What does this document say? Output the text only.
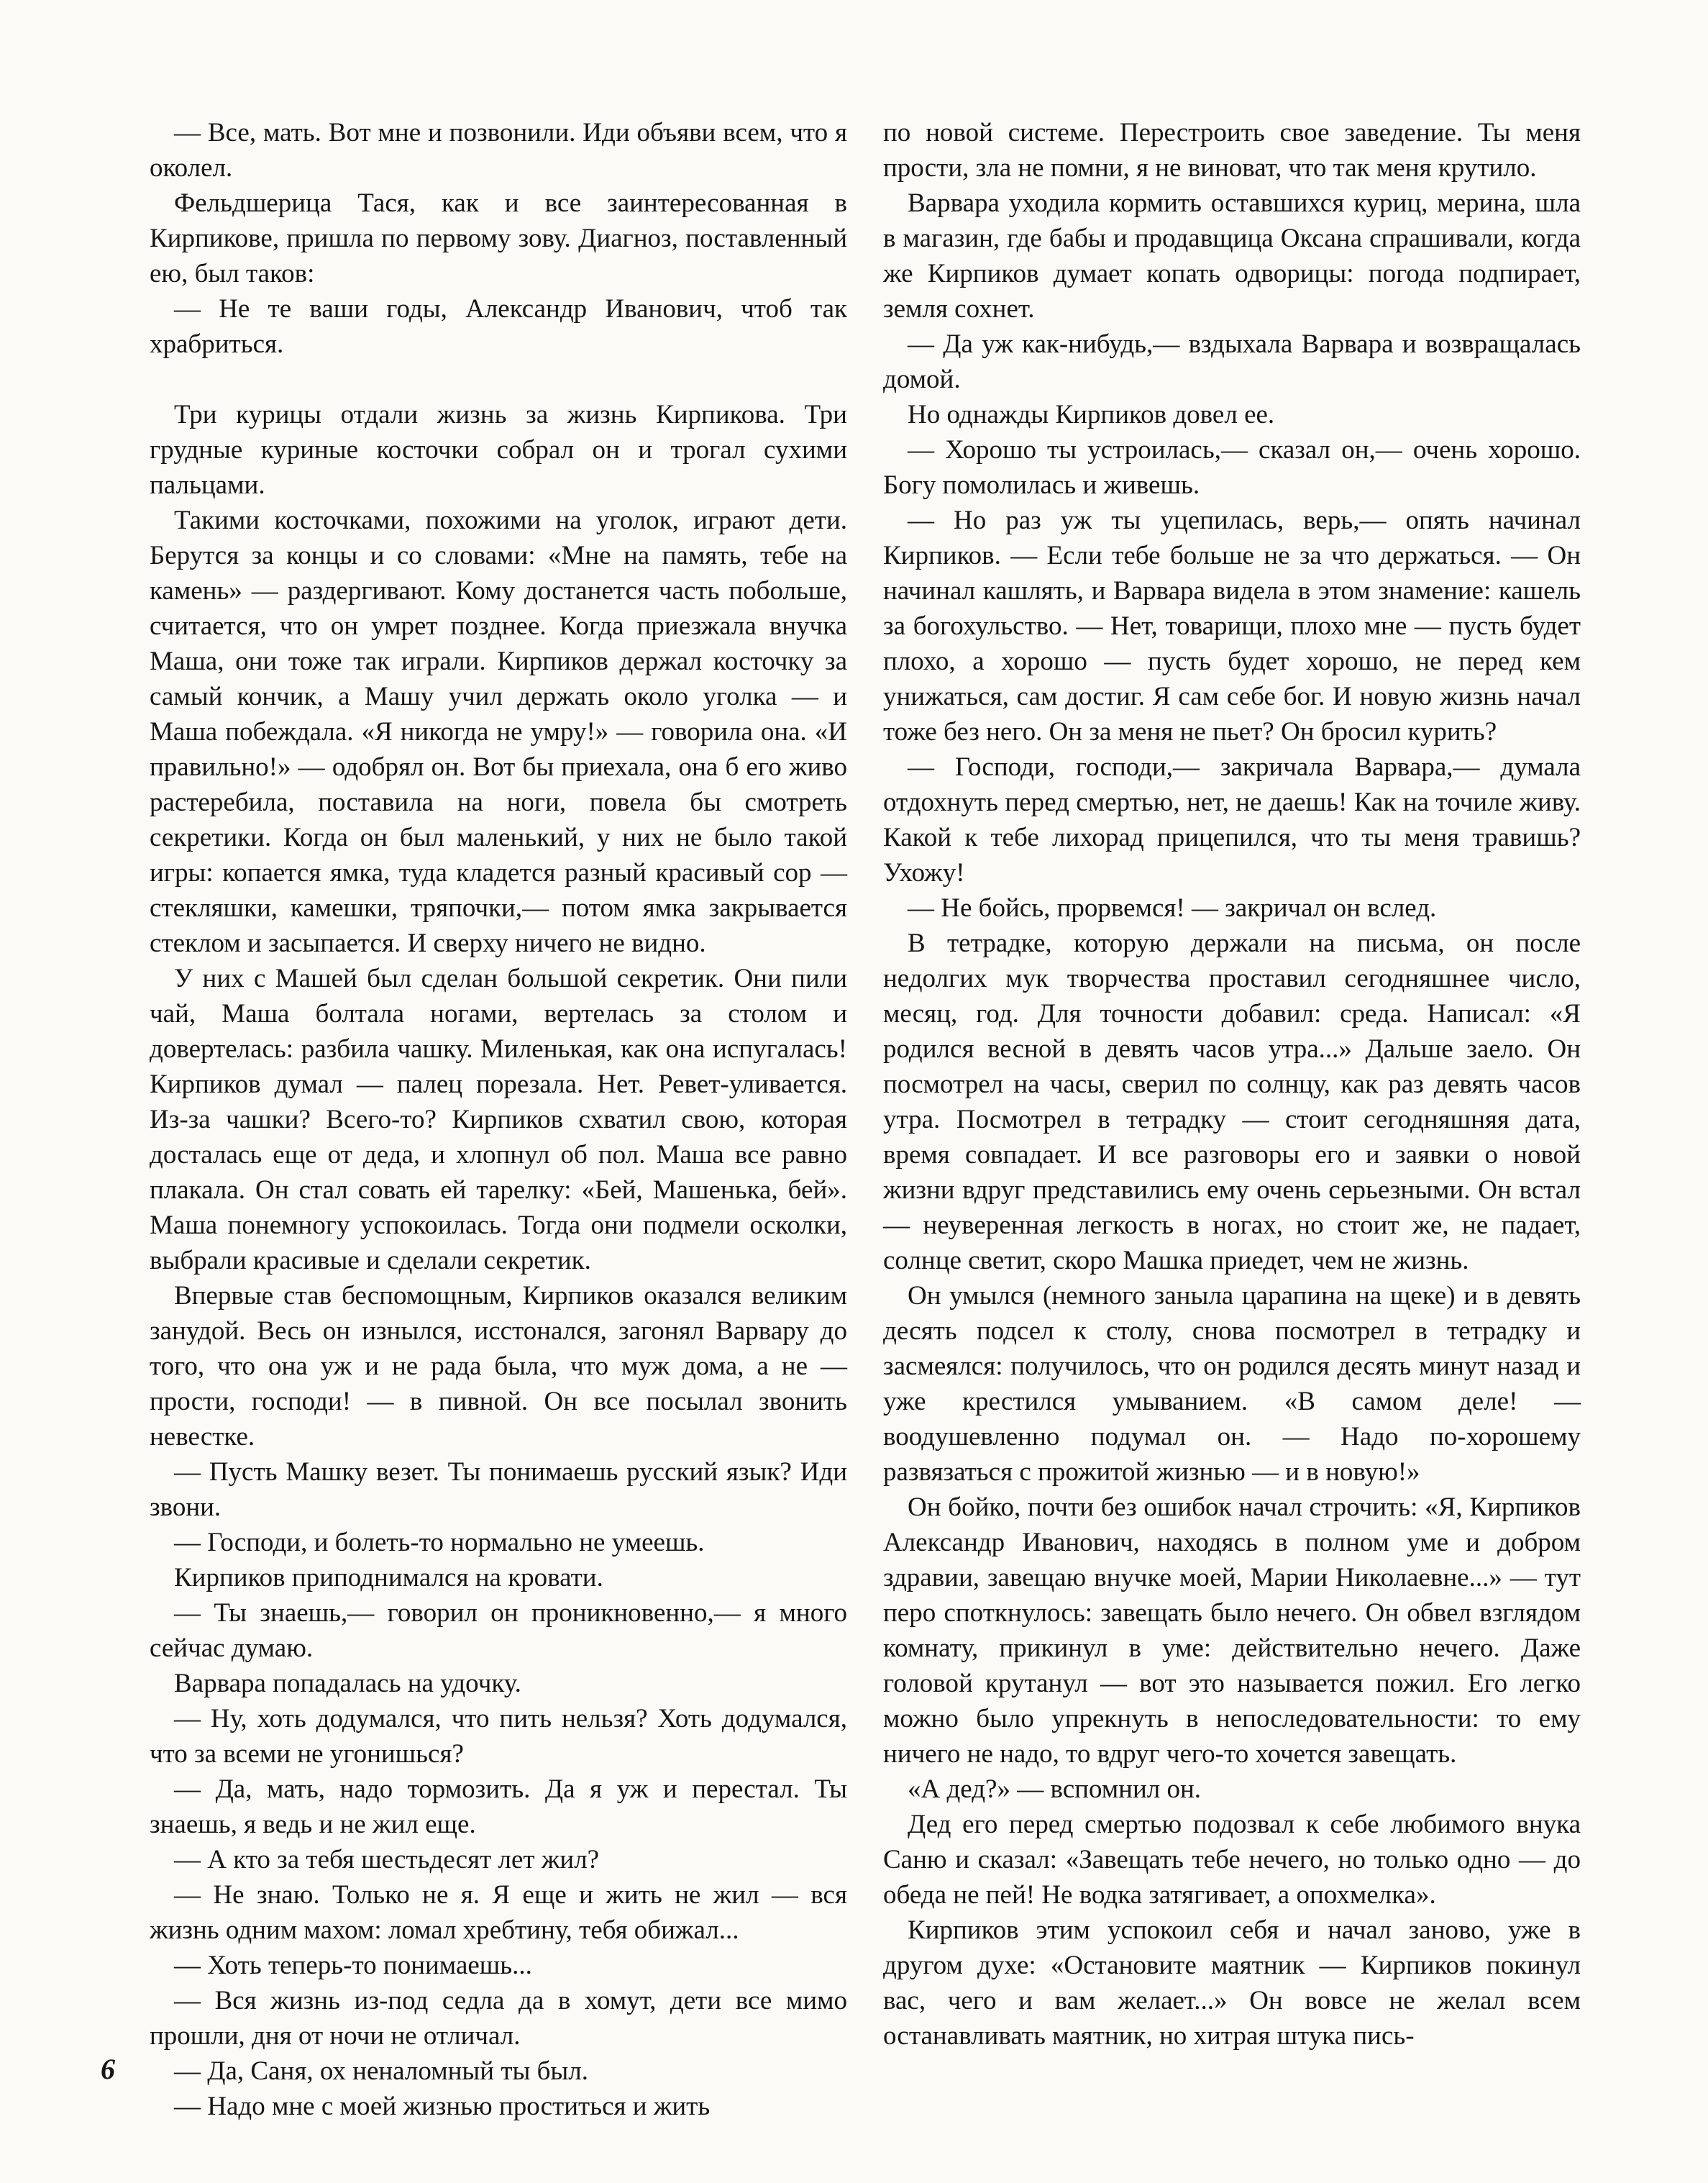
— Все, мать. Вот мне и позвонили. Иди объяви всем, что я околел.

Фельдшерица Тася, как и все заинтересованная в Кирпикове, пришла по первому зову. Диагноз, поставленный ею, был таков:

— Не те ваши годы, Александр Иванович, чтоб так храбриться.

Три курицы отдали жизнь за жизнь Кирпикова. Три грудные куриные косточки собрал он и трогал сухими пальцами.

Такими косточками, похожими на уголок, играют дети. Берутся за концы и со словами: «Мне на память, тебе на камень» — раздергивают. Кому достанется часть побольше, считается, что он умрет позднее. Когда приезжала внучка Маша, они тоже так играли. Кирпиков держал косточку за самый кончик, а Машу учил держать около уголка — и Маша побеждала. «Я никогда не умру!» — говорила она. «И правильно!» — одобрял он. Вот бы приехала, она б его живо растеребила, поставила на ноги, повела бы смотреть секретики. Когда он был маленький, у них не было такой игры: копается ямка, туда кладется разный красивый сор — стекляшки, камешки, тряпочки,— потом ямка закрывается стеклом и засыпается. И сверху ничего не видно.

У них с Машей был сделан большой секретик. Они пили чай, Маша болтала ногами, вертелась за столом и довертелась: разбила чашку. Миленькая, как она испугалась! Кирпиков думал — палец порезала. Нет. Ревет-уливается. Из-за чашки? Всего-то? Кирпиков схватил свою, которая досталась еще от деда, и хлопнул об пол. Маша все равно плакала. Он стал совать ей тарелку: «Бей, Машенька, бей». Маша понемногу успокоилась. Тогда они подмели осколки, выбрали красивые и сделали секретик.

Впервые став беспомощным, Кирпиков оказался великим занудой. Весь он изнылся, исстонался, загонял Варвару до того, что она уж и не рада была, что муж дома, а не — прости, господи! — в пивной. Он все посылал звонить невестке.

— Пусть Машку везет. Ты понимаешь русский язык? Иди звони.

— Господи, и болеть-то нормально не умеешь.

Кирпиков приподнимался на кровати.

— Ты знаешь,— говорил он проникновенно,— я много сейчас думаю.

Варвара попадалась на удочку.

— Ну, хоть додумался, что пить нельзя? Хоть додумался, что за всеми не угонишься?

— Да, мать, надо тормозить. Да я уж и перестал. Ты знаешь, я ведь и не жил еще.

— А кто за тебя шестьдесят лет жил?

— Не знаю. Только не я. Я еще и жить не жил — вся жизнь одним махом: ломал хребтину, тебя обижал...

— Хоть теперь-то понимаешь...

— Вся жизнь из-под седла да в хомут, дети все мимо прошли, дня от ночи не отличал.

— Да, Саня, ох неналомный ты был.

— Надо мне с моей жизнью проститься и жить

по новой системе. Перестроить свое заведение. Ты меня прости, зла не помни, я не виноват, что так меня крутило.

Варвара уходила кормить оставшихся куриц, мерина, шла в магазин, где бабы и продавщица Оксана спрашивали, когда же Кирпиков думает копать одворицы: погода подпирает, земля сохнет.

— Да уж как-нибудь,— вздыхала Варвара и возвращалась домой.

Но однажды Кирпиков довел ее.

— Хорошо ты устроилась,— сказал он,— очень хорошо. Богу помолилась и живешь.

— Но раз уж ты уцепилась, верь,— опять начинал Кирпиков. — Если тебе больше не за что держаться. — Он начинал кашлять, и Варвара видела в этом знамение: кашель за богохульство. — Нет, товарищи, плохо мне — пусть будет плохо, а хорошо — пусть будет хорошо, не перед кем унижаться, сам достиг. Я сам себе бог. И новую жизнь начал тоже без него. Он за меня не пьет? Он бросил курить?

— Господи, господи,— закричала Варвара,— думала отдохнуть перед смертью, нет, не даешь! Как на точиле живу. Какой к тебе лихорад прицепился, что ты меня травишь? Ухожу!

— Не бойсь, прорвемся! — закричал он вслед.

В тетрадке, которую держали на письма, он после недолгих мук творчества проставил сегодняшнее число, месяц, год. Для точности добавил: среда. Написал: «Я родился весной в девять часов утра...» Дальше заело. Он посмотрел на часы, сверил по солнцу, как раз девять часов утра. Посмотрел в тетрадку — стоит сегодняшняя дата, время совпадает. И все разговоры его и заявки о новой жизни вдруг представились ему очень серьезными. Он встал — неуверенная легкость в ногах, но стоит же, не падает, солнце светит, скоро Машка приедет, чем не жизнь.

Он умылся (немного заныла царапина на щеке) и в девять десять подсел к столу, снова посмотрел в тетрадку и засмеялся: получилось, что он родился десять минут назад и уже крестился умыванием. «В самом деле! — воодушевленно подумал он. — Надо по-хорошему развязаться с прожитой жизнью — и в новую!»

Он бойко, почти без ошибок начал строчить: «Я, Кирпиков Александр Иванович, находясь в полном уме и добром здравии, завещаю внучке моей, Марии Николаевне...» — тут перо споткнулось: завещать было нечего. Он обвел взглядом комнату, прикинул в уме: действительно нечего. Даже головой крутанул — вот это называется пожил. Его легко можно было упрекнуть в непоследовательности: то ему ничего не надо, то вдруг чего-то хочется завещать.

«А дед?» — вспомнил он.

Дед его перед смертью подозвал к себе любимого внука Саню и сказал: «Завещать тебе нечего, но только одно — до обеда не пей! Не водка затягивает, а опохмелка».

Кирпиков этим успокоил себя и начал заново, уже в другом духе: «Остановите маятник — Кирпиков покинул вас, чего и вам желает...» Он вовсе не желал всем останавливать маятник, но хитрая штука пись-

6
